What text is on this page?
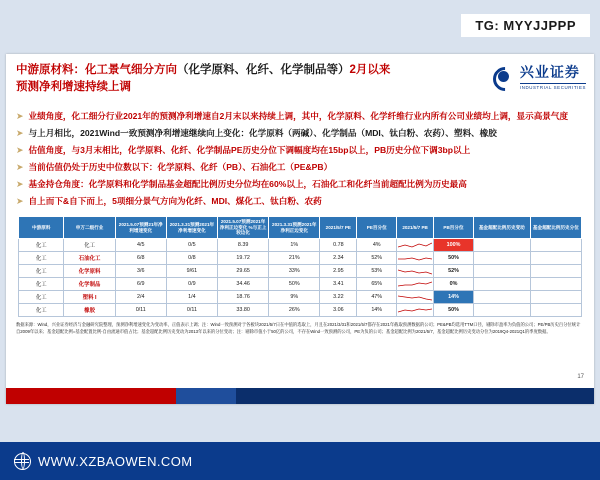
TG: MYYJJPPP
中游原材料：化工景气细分方向（化学原料、化纤、化学制品等）2月以来
预测净利增速持续上调
兴业证券
INDUSTRIAL SECURITIES
➤ 业绩角度，化工细分行业2021年的预测净利增速自2月末以来持续上调，其中，化学原料、化学纤维行业内所有公司业绩均上调，显示高景气度
➤ 与上月相比，2021Wind一致预测净利增速继续向上变化：化学原料（两碱）、化学制品（MDI、钛白粉、农药）、塑料、橡胶
➤ 估值角度，与3月末相比，化学原料、化纤、化学制品PE历史分位下调幅度均在15bp以上，PB历史分位下调3bp以上
➤ 当前估值仍处于历史中位数以下：化学原料、化纤（PB）、石油化工（PE&PB）
➤ 基金持仓角度：化学原料和化学制品基金超配比例历史分位均在60%以上，石油化工和化纤当前超配比例为历史最高
➤ 自上而下&自下而上，5项细分景气方向为化纤、MDI、煤化工、钛白粉、农药
中游原料	申万二级行业	2021.5.07预测21年净利增速变化	2021.3.31预测2021年净利增速变化	2021.5.07预测2021年净利正边变化 %与正上较边化	2021.3.31预测2021年净利正边变化	2021/5/7 PE	PE百分位	2021/5/7 PB	PB百分位	基金超配比例历史变动	基金超配比例历史分位
化工	化工	4/5	0/5	8.39	1%	0.78	4%		100%		
化工	石油化工	6/8	0/8	19.72	21%	2.34	52%		50%		
化工	化学原料	3/6	9/61	29.65	33%	2.95	53%		52%		
化工	化学制品	6/9	0/9	34.46	50%	3.41	65%		0%		
化工	塑料 I	2/4	1/4	18.76	9%	3.22	47%		14%		
化工	橡胶	0/11	0/11	33.80	26%	3.06	14%		50%		
数据来源：Wind，兴业证券经济与金融研究院整理，预测净利增速变化为变动率，正值表示上调；注：Wind一致预测对于各板块2021/5/7日在中值的选取上，月且在2021/3/31和2021/5/7都存在2021年截取预测数据的公司；PE&PB均选用TTM口径，剔除市盈率为负值的公司；PE/PB历史百分位统计自2009年以来；基金超配比例=基金配置比例-自由流通市值占比；基金超配比例历史变动为2013年以来的分位变动；注：剔除市值小于50亿的公司，不存在Wind一致预测的公司，PE为负的公司；基金超配比例为2021/5/7，基金超配比例历史变动分位为2019Q4-2021Q1的季度数据。
17
WWW.XZBAOWEN.COM
